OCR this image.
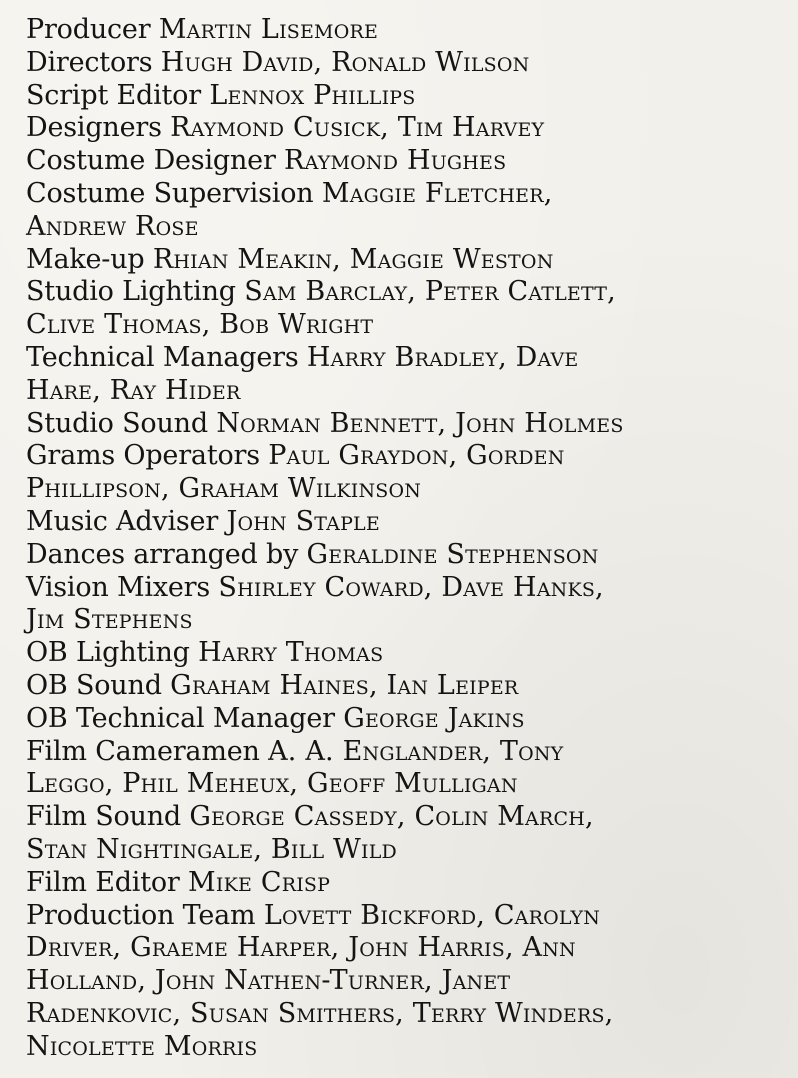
Producer Martin Lisemore
Directors Hugh David, Ronald Wilson
Script Editor Lennox Phillips
Designers Raymond Cusick, Tim Harvey
Costume Designer Raymond Hughes
Costume Supervision Maggie Fletcher,
Andrew Rose
Make-up Rhian Meakin, Maggie Weston
Studio Lighting Sam Barclay, Peter Catlett,
Clive Thomas, Bob Wright
Technical Managers Harry Bradley, Dave
Hare, Ray Hider
Studio Sound Norman Bennett, John Holmes
Grams Operators Paul Graydon, Gorden
Phillipson, Graham Wilkinson
Music Adviser John Staple
Dances arranged by Geraldine Stephenson
Vision Mixers Shirley Coward, Dave Hanks,
Jim Stephens
OB Lighting Harry Thomas
OB Sound Graham Haines, Ian Leiper
OB Technical Manager George Jakins
Film Cameramen A. A. Englander, Tony
Leggo, Phil Meheux, Geoff Mulligan
Film Sound George Cassedy, Colin March,
Stan Nightingale, Bill Wild
Film Editor Mike Crisp
Production Team Lovett Bickford, Carolyn
Driver, Graeme Harper, John Harris, Ann
Holland, John Nathen-Turner, Janet
Radenkovic, Susan Smithers, Terry Winders,
Nicolette Morris
